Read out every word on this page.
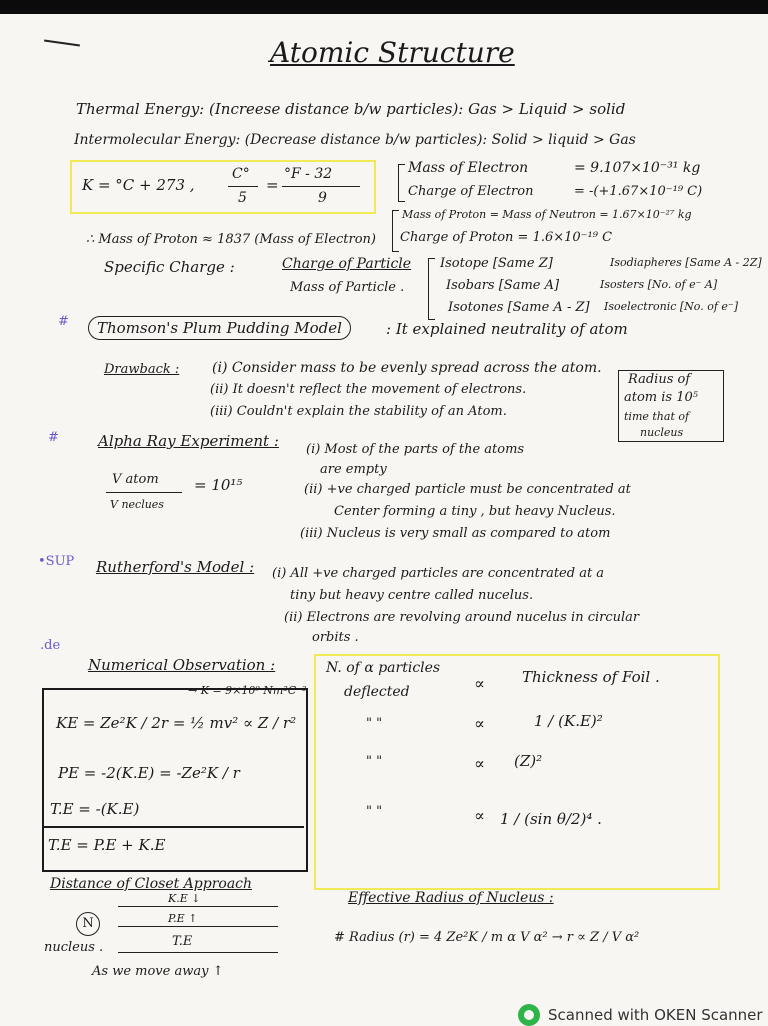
Atomic Structure
Thermal Energy: (Increese distance b/w particles): Gas > Liquid > solid
Intermolecular Energy: (Decrease distance b/w particles): Solid > liquid > Gas
K = °C + 273 ,
C°
5
=
°F - 32
9
Mass of Electron	= 9.107×10⁻³¹ kg
Charge of Electron	= -(+1.67×10⁻¹⁹ C)
Mass of Proton = Mass of Neutron = 1.67×10⁻²⁷ kg
Charge of Proton = 1.6×10⁻¹⁹ C
∴ Mass of Proton ≈ 1837 (Mass of Electron)
Specific Charge :	Charge of Particle
Mass of Particle .
Isotope [Same Z]	Isodiapheres [Same A - 2Z]
Isobars [Same A]	Isosters [No. of e⁻ A]
Isotones [Same A - Z] Isoelectronic [No. of e⁻]
#	Thomson's Plum Pudding Model	: It explained neutrality of atom
Drawback : (i) Consider mass to be evenly spread across the atom.
(ii) It doesn't reflect the movement of electrons.
(iii) Couldn't explain the stability of an Atom.
Radius of
atom is 10⁵
time that of
nucleus
#	Alpha Ray Experiment : (i) Most of the parts of the atoms
are empty
V atom
V neclues
= 10¹⁵	(ii) +ve charged particle must be concentrated at
Center forming a tiny , but heavy Nucleus.
(iii) Nucleus is very small as compared to atom
•SUP Rutherford's Model : (i) All +ve charged particles are concentrated at a
tiny but heavy centre called nucelus.
(ii) Electrons are revolving around nucelus in circular
orbits .
.de
Numerical Observation :
→ K = 9×10⁹ Nm²C⁻²
KE = Ze²K / 2r = ½ mv² ∝ Z / r²
PE = -2(K.E) = -Ze²K / r
T.E = -(K.E)
T.E = P.E + K.E
N. of α particles
deflected	∝ Thickness of Foil .
" "	∝	1 / (K.E)²
" "	∝ (Z)²
" "	∝ 1 / (sin θ/2)⁴ .
Distance of Closet Approach
K.E ↓
N	P.E ↑
nucleus .	T.E
As we move away ↑
Effective Radius of Nucleus :
# Radius (r) = 4 Ze²K / m α V α² → r ∝ Z / V α²
Scanned with OKEN Scanner
